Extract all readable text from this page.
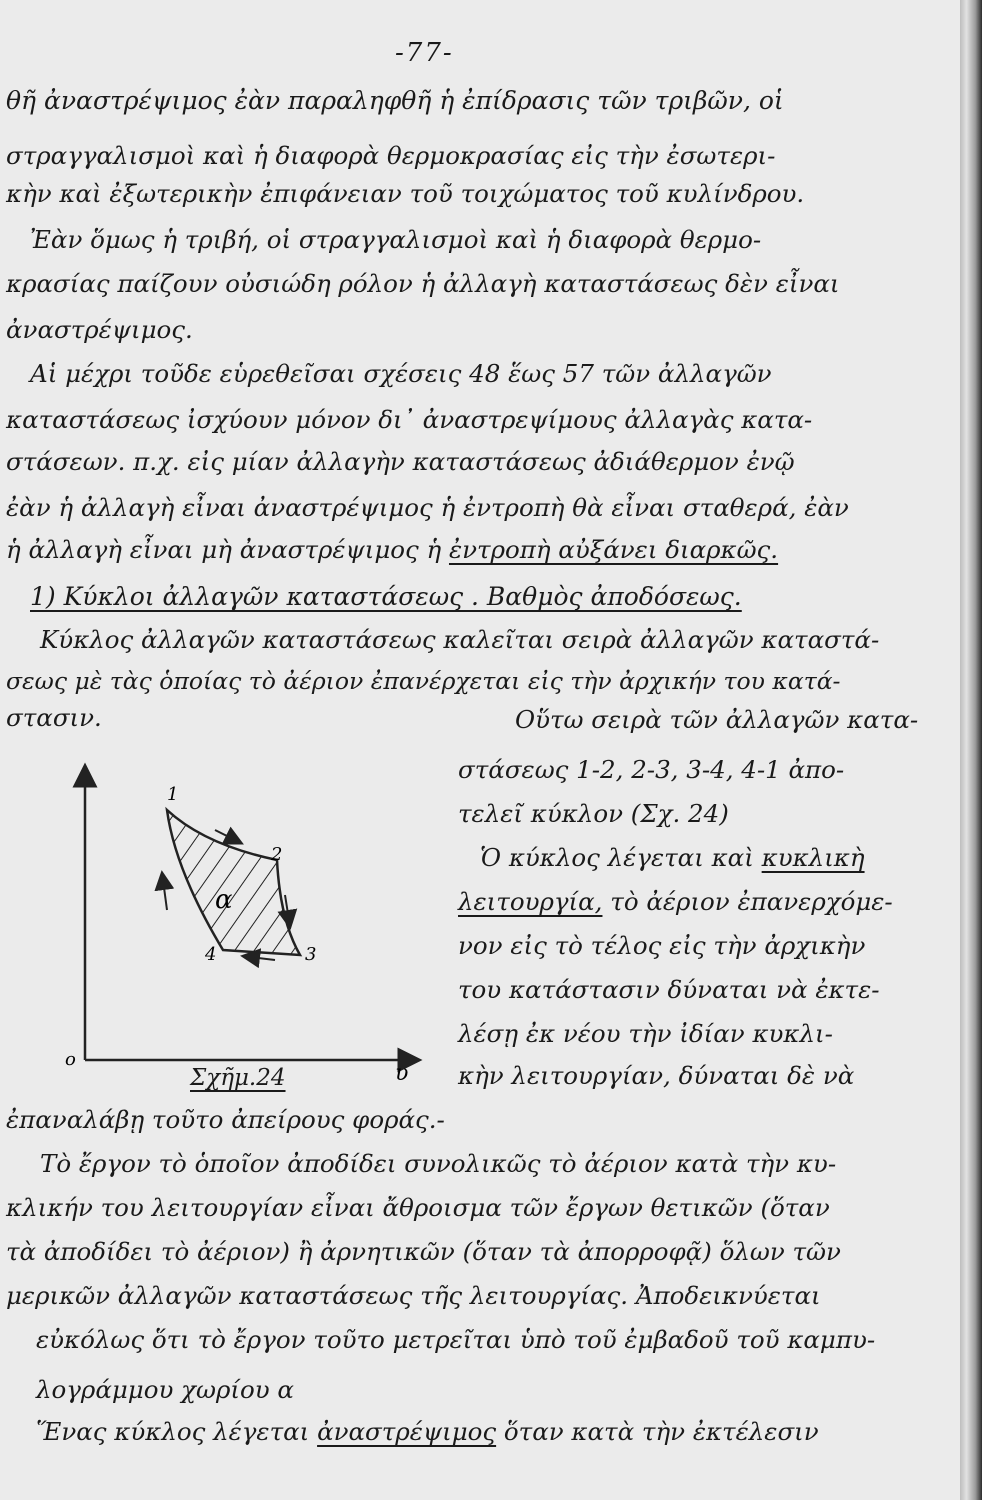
-77-
θῆ ἀναστρέψιμος ἐὰν παραληφθῆ ἡ ἐπίδρασις τῶν τριβῶν, οἱ
στραγγαλισμοὶ καὶ ἡ διαφορὰ θερμοκρασίας εἰς τὴν ἐσωτερι-
κὴν καὶ ἐξωτερικὴν ἐπιφάνειαν τοῦ τοιχώματος τοῦ κυλίνδρου.
Ἐὰν ὅμως ἡ τριβή, οἱ στραγγαλισμοὶ καὶ ἡ διαφορὰ θερμο-
κρασίας παίζουν οὐσιώδη ρόλον ἡ ἀλλαγὴ καταστάσεως δὲν εἶναι
ἀναστρέψιμος.
Αἱ μέχρι τοῦδε εὑρεθεῖσαι σχέσεις 48 ἕως 57 τῶν ἀλλαγῶν
καταστάσεως ἰσχύουν μόνον δι᾽ ἀναστρεψίμους ἀλλαγὰς κατα-
στάσεων. π.χ. εἰς μίαν ἀλλαγὴν καταστάσεως ἀδιάθερμον ἐνῷ
ἐὰν ἡ ἀλλαγὴ εἶναι ἀναστρέψιμος ἡ ἐντροπὴ θὰ εἶναι σταθερά, ἐὰν
ἡ ἀλλαγὴ εἶναι μὴ ἀναστρέψιμος ἡ ἐντροπὴ αὐξάνει διαρκῶς.
1) Κύκλοι ἀλλαγῶν καταστάσεως . Βαθμὸς ἀποδόσεως.
Κύκλος ἀλλαγῶν καταστάσεως καλεῖται σειρὰ ἀλλαγῶν καταστά-
σεως μὲ τὰς ὁποίας τὸ ἀέριον ἐπανέρχεται εἰς τὴν ἀρχικήν του κατά-
στασιν.	Οὕτω σειρὰ τῶν ἀλλαγῶν κατα-
στάσεως 1-2, 2-3, 3-4, 4-1 ἀπο-
τελεῖ κύκλον (Σχ. 24)
Ὁ κύκλος λέγεται καὶ κυκλικὴ
λειτουργία, τὸ ἀέριον ἐπανερχόμε-
νον εἰς τὸ τέλος εἰς τὴν ἀρχικὴν
του κατάστασιν δύναται νὰ ἐκτε-
λέσῃ ἐκ νέου τὴν ἰδίαν κυκλι-
κὴν λειτουργίαν, δύναται δὲ νὰ
1
2
3
4
α
o
υ
Σχῆμ.24
ἐπαναλάβῃ τοῦτο ἀπείρους φοράς.-
Τὸ ἔργον τὸ ὁποῖον ἀποδίδει συνολικῶς τὸ ἀέριον κατὰ τὴν κυ-
κλικήν του λειτουργίαν εἶναι ἄθροισμα τῶν ἔργων θετικῶν (ὅταν
τὰ ἀποδίδει τὸ ἀέριον) ἢ ἀρνητικῶν (ὅταν τὰ ἀπορροφᾷ) ὅλων τῶν
μερικῶν ἀλλαγῶν καταστάσεως τῆς λειτουργίας. Ἀποδεικνύεται
εὐκόλως ὅτι τὸ ἔργον τοῦτο μετρεῖται ὑπὸ τοῦ ἐμβαδοῦ τοῦ καμπυ-
λογράμμου χωρίου α
Ἕνας κύκλος λέγεται ἀναστρέψιμος ὅταν κατὰ τὴν ἐκτέλεσιν
